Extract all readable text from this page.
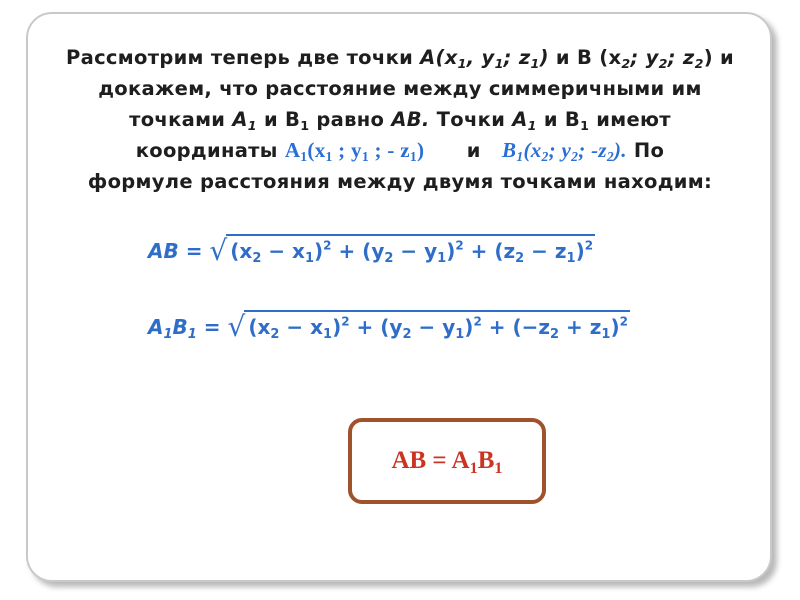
Рассмотрим теперь две точки $А(х_1$, $у_1$; $z_1$) и В ($х_2$; $у_2$; $z_2$) и
докажем, что расстояние между симмеричными им
точками $А_1$ и $В_1$ равно АВ. Точки $А_1$ и $В_1$ имеют
координаты $А_1(х_1$ ; $у_1$ ; - $z_1$)      и   $В_1(х_2$; $у_2$; $-z_2$). По
формуле расстояния между двумя точками находим:
AB = √ $(x_2 - x_1)^2 + (y_2 - y_1)^2 + (z_2 - z_1)^2$
$A_1B_1$ = √ $(x_2 - x_1)^2 + (y_2 - y_1)^2 + (-z_2 + z_1)^2$
AB = $A_1B_1$
